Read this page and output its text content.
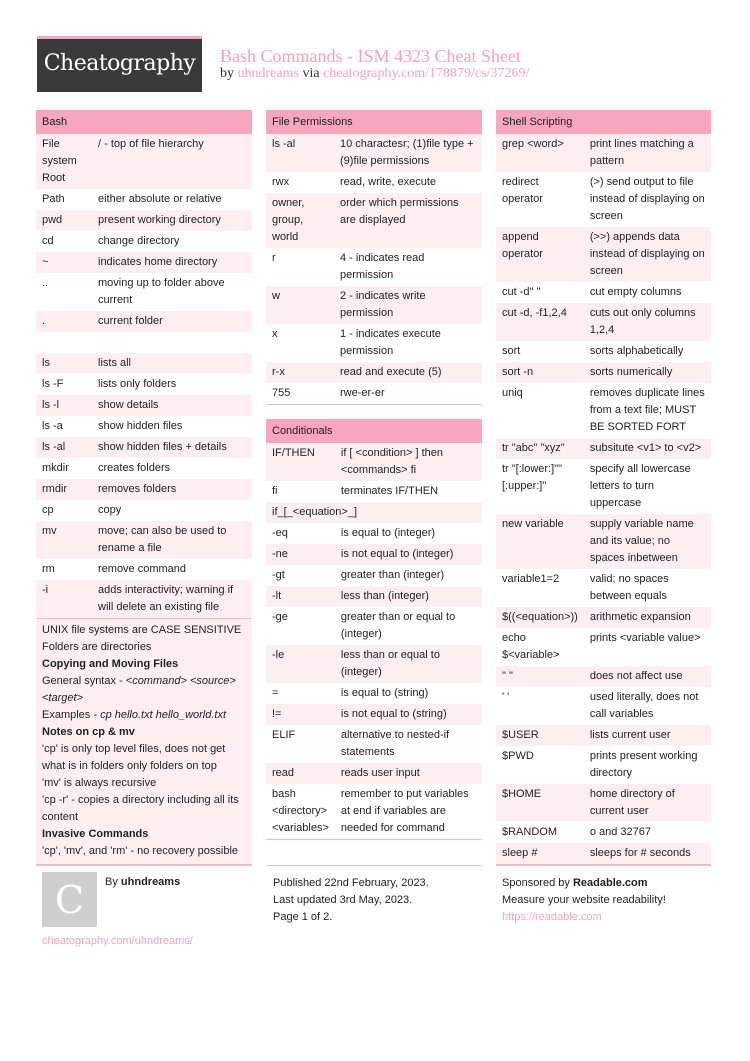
Cheatography	Bash Commands - ISM 4323 Cheat Sheet
by uhndreams via cheatography.com/178879/cs/37269/
Bash
File system Root	/ - top of file hierarchy
Path	either absolute or relative
pwd	present working directory
cd	change directory
~	indicates home directory
..	moving up to folder above current
.	current folder

ls	lists all
ls -F	lists only folders
ls -l	show details
ls -a	show hidden files
ls -al	show hidden files + details
mkdir	creates folders
rmdir	removes folders
cp	copy
mv	move; can also be used to rename a file
rm	remove command
-i	adds interactivity; warning if will delete an existing file
UNIX file systems are CASE SENSITIVE
Folders are directories
Copying and Moving Files
General syntax - <command> <source> <target>
Examples - cp hello.txt hello_world.txt
Notes on cp & mv
'cp' is only top level files, does not get what is in folders only folders on top
'mv' is always recursive
'cp -r' - copies a directory including all its content
Invasive Commands
'cp', 'mv', and 'rm' - no recovery possible
File Permissions
ls -al	10 charactesr; (1)file type + (9)file permissions
rwx	read, write, execute
owner, group, world	order which permissions are displayed
r	4 - indicates read permission
w	2 - indicates write permission
x	1 - indicates execute permission
r-x	read and execute (5)
755	rwe-er-er
Conditionals
IF/THEN	if [ <condition> ] then <commands> fi
fi	terminates IF/THEN
if_[_<equation>_]	
-eq	is equal to (integer)
-ne	is not equal to (integer)
-gt	greater than (integer)
-lt	less than (integer)
-ge	greater than or equal to (integer)
-le	less than or equal to (integer)
=	is equal to (string)
!=	is not equal to (string)
ELIF	alternative to nested-if statements
read	reads user input
bash <directory> <variables>	remember to put variables at end if variables are needed for command
Shell Scripting
grep <word>	print lines matching a pattern
redirect operator	(>) send output to file instead of displaying on screen
append operator	(>>) appends data instead of displaying on screen
cut -d" "	cut empty columns
cut -d, -f1,2,4	cuts out only columns 1,2,4
sort	sorts alphabetically
sort -n	sorts numerically
uniq	removes duplicate lines from a text file; MUST BE SORTED FORT
tr "abc" "xyz"	subsitute <v1> to <v2>
tr "[:lower:]""[:upper:]"	specify all lowercase letters to turn uppercase
new variable	supply variable name and its value; no spaces inbetween
variable1=2	valid; no spaces between equals
$((<equation>))	arithmetic expansion
echo $<variable>	prints <variable value>
" "	does not affect use
' '	used literally, does not call variables
$USER	lists current user
$PWD	prints present working directory
$HOME	home directory of current user
$RANDOM	o and 32767
sleep #	sleeps for # seconds
C	By uhndreams
cheatography.com/uhndreams/
Published 22nd February, 2023.
Last updated 3rd May, 2023.
Page 1 of 2.
Sponsored by Readable.com
Measure your website readability!
https://readable.com
